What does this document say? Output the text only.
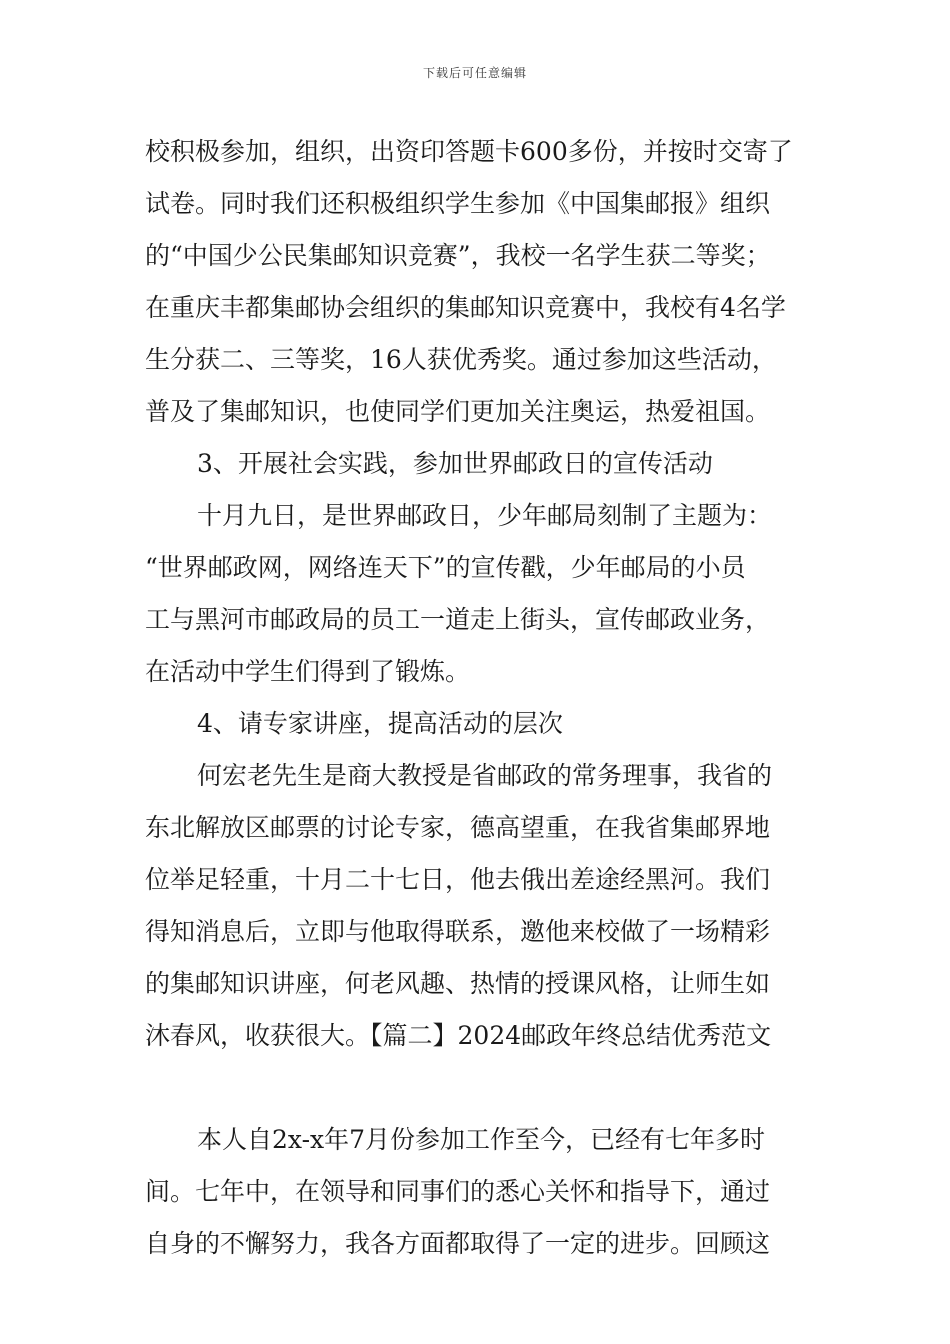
下载后可任意编辑
校积极参加，组织，出资印答题卡600多份，并按时交寄了
试卷。同时我们还积极组织学生参加《中国集邮报》组织
的“中国少公民集邮知识竞赛”，我校一名学生获二等奖；
在重庆丰都集邮协会组织的集邮知识竞赛中，我校有4名学
生分获二、三等奖，16人获优秀奖。通过参加这些活动，
普及了集邮知识，也使同学们更加关注奥运，热爱祖国。
3、开展社会实践，参加世界邮政日的宣传活动
十月九日，是世界邮政日，少年邮局刻制了主题为：
“世界邮政网，网络连天下”的宣传戳，少年邮局的小员
工与黑河市邮政局的员工一道走上街头，宣传邮政业务，
在活动中学生们得到了锻炼。
4、请专家讲座，提高活动的层次
何宏老先生是商大教授是省邮政的常务理事，我省的
东北解放区邮票的讨论专家，德高望重，在我省集邮界地
位举足轻重，十月二十七日，他去俄出差途经黑河。我们
得知消息后，立即与他取得联系，邀他来校做了一场精彩
的集邮知识讲座，何老风趣、热情的授课风格，让师生如
沐春风，收获很大。【篇二】2024邮政年终总结优秀范文
本人自2x-x年7月份参加工作至今，已经有七年多时
间。七年中，在领导和同事们的悉心关怀和指导下，通过
自身的不懈努力，我各方面都取得了一定的进步。回顾这
